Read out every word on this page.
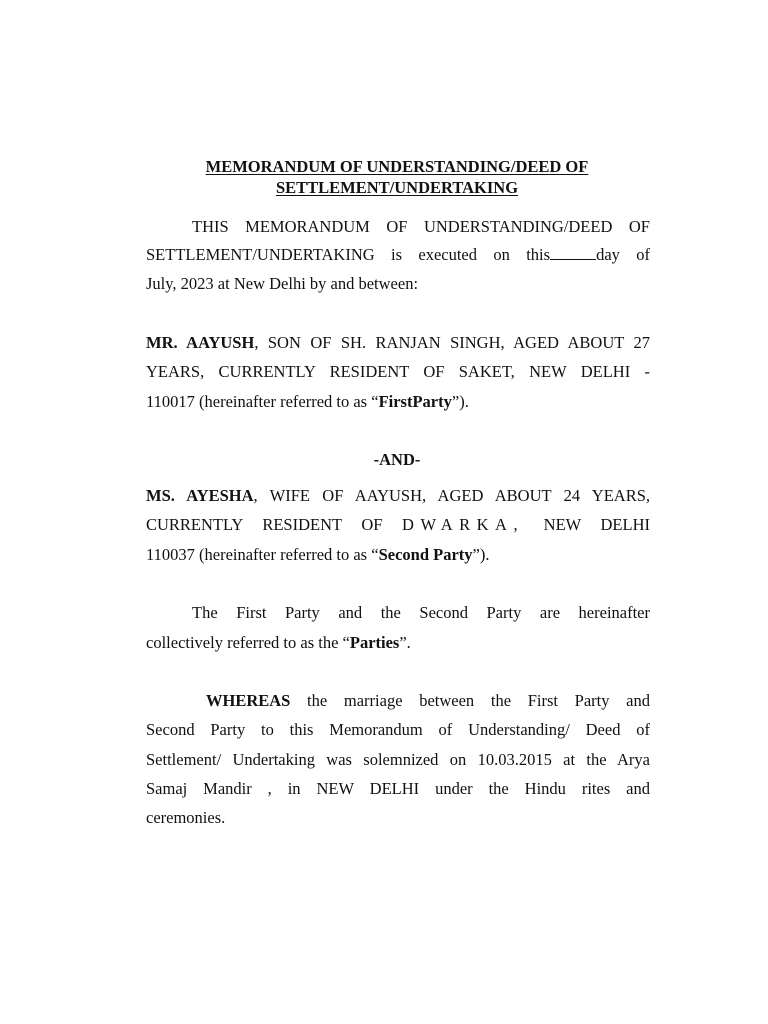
MEMORANDUM OF UNDERSTANDING/DEED OF
SETTLEMENT/UNDERTAKING
THIS MEMORANDUM OF UNDERSTANDING/DEED OF
SETTLEMENT/UNDERTAKING is executed on this	day of
July, 2023 at New Delhi by and between:
MR. AAYUSH, SON OF SH. RANJAN SINGH, AGED ABOUT 27
YEARS, CURRENTLY RESIDENT OF SAKET, NEW DELHI -
110017 (hereinafter referred to as “FirstParty”).
-AND-
MS. AYESHA, WIFE OF AAYUSH, AGED ABOUT 24 YEARS,
CURRENTLY RESIDENT OF DWARKA, NEW DELHI
110037 (hereinafter referred to as “Second Party”).
The First Party and the Second Party are hereinafter
collectively referred to as the “Parties”.
WHEREAS the marriage between the First Party and
Second Party to this Memorandum of Understanding/ Deed of
Settlement/ Undertaking was solemnized on 10.03.2015 at the Arya
Samaj Mandir , in NEW DELHI under the Hindu rites and
ceremonies.
